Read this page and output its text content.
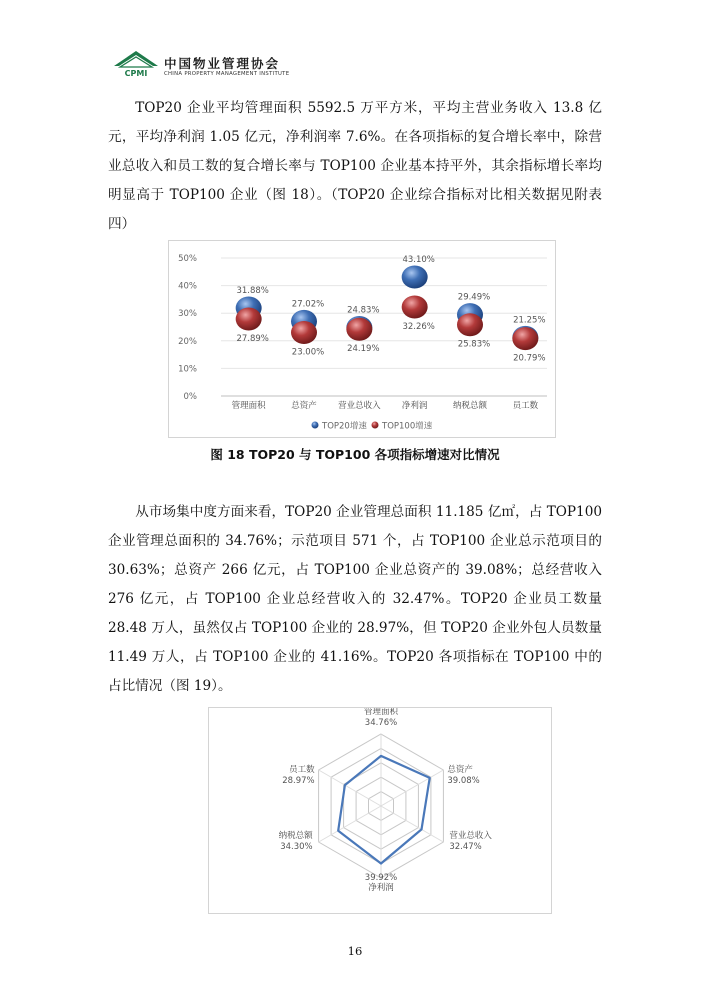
CPMI
中国物业管理协会
CHINA PROPERTY MANAGEMENT INSTITUTE

TOP20 企业平均管理面积 5592.5 万平方米，平均主营业务收入 13.8 亿元，平均净利润 1.05 亿元，净利润率 7.6%。在各项指标的复合增长率中，除营业总收入和员工数的复合增长率与 TOP100 企业基本持平外，其余指标增长率均明显高于 TOP100 企业（图 18）。（TOP20 企业综合指标对比相关数据见附表四）

0%
10%
20%
30%
40%
50%
管理面积	总资产	营业总收入	净利润	纳税总额	员工数
31.88%
27.89%
27.02%
23.00%
24.83%
24.19%
43.10%
32.26%
29.49%
25.83%
21.25%
20.79%
TOP20增速 TOP100增速
图 18 TOP20 与 TOP100 各项指标增速对比情况

从市场集中度方面来看，TOP20 企业管理总面积 11.185 亿㎡，占 TOP100 企业管理总面积的 34.76%；示范项目 571 个，占 TOP100 企业总示范项目的 30.63%；总资产 266 亿元，占 TOP100 企业总资产的 39.08%；总经营收入 276 亿元，占 TOP100 企业总经营收入的 32.47%。TOP20 企业员工数量 28.48 万人，虽然仅占 TOP100 企业的 28.97%，但 TOP20 企业外包人员数量 11.49 万人，占 TOP100 企业的 41.16%。TOP20 各项指标在 TOP100 中的占比情况（图 19）。

管理面积
34.76%
总资产
39.08%
营业总收入
32.47%
净利润
39.92%
纳税总额
34.30%
员工数
28.97%
16
